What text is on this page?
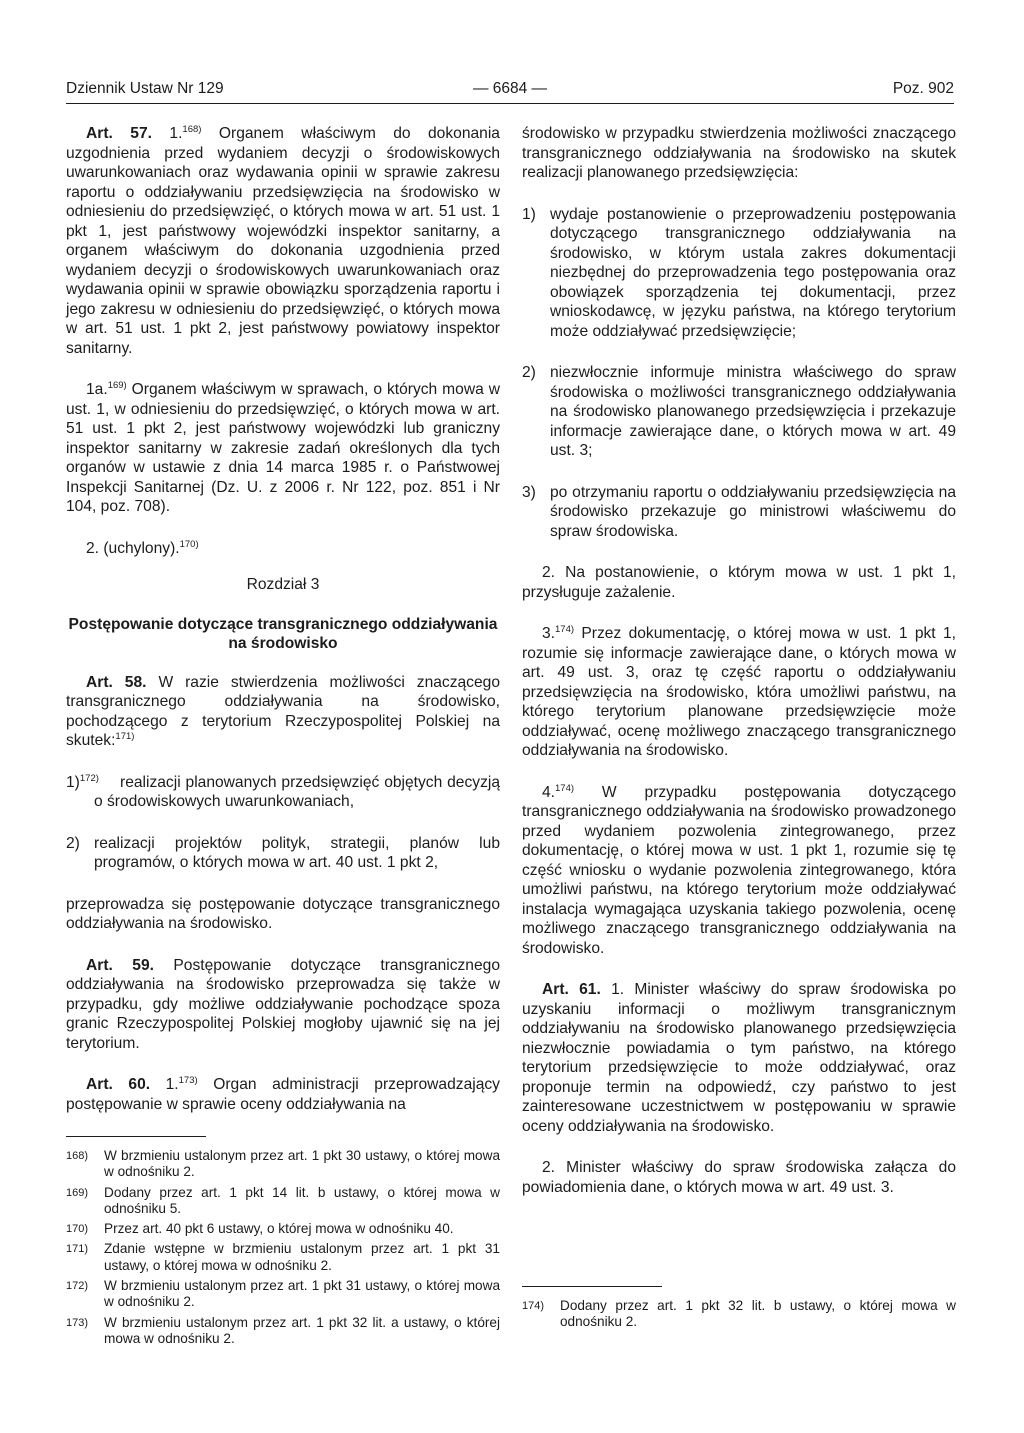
Dziennik Ustaw Nr 129	— 6684 —	Poz. 902

Art. 57. 1.$^{168)}$ Organem właściwym do dokonania uzgodnienia przed wydaniem decyzji o środowiskowych uwarunkowaniach oraz wydawania opinii w sprawie zakresu raportu o oddziaływaniu przedsięwzięcia na środowisko w odniesieniu do przedsięwzięć, o których mowa w art. 51 ust. 1 pkt 1, jest państwowy wojewódzki inspektor sanitarny, a organem właściwym do dokonania uzgodnienia przed wydaniem decyzji o środowiskowych uwarunkowaniach oraz wydawania opinii w sprawie obowiązku sporządzenia raportu i jego zakresu w odniesieniu do przedsięwzięć, o których mowa w art. 51 ust. 1 pkt 2, jest państwowy powiatowy inspektor sanitarny.

1a.$^{169)}$ Organem właściwym w sprawach, o których mowa w ust. 1, w odniesieniu do przedsięwzięć, o których mowa w art. 51 ust. 1 pkt 2, jest państwowy wojewódzki lub graniczny inspektor sanitarny w zakresie zadań określonych dla tych organów w ustawie z dnia 14 marca 1985 r. o Państwowej Inspekcji Sanitarnej (Dz. U. z 2006 r. Nr 122, poz. 851 i Nr 104, poz. 708).

2. (uchylony).$^{170)}$

Rozdział 3
Postępowanie dotyczące transgranicznego oddziaływania na środowisko

Art. 58. W razie stwierdzenia możliwości znaczącego transgranicznego oddziaływania na środowisko, pochodzącego z terytorium Rzeczypospolitej Polskiej na skutek:$^{171)}$

1)$^{172)}$	realizacji planowanych przedsięwzięć objętych decyzją o środowiskowych uwarunkowaniach,
2) realizacji projektów polityk, strategii, planów lub programów, o których mowa w art. 40 ust. 1 pkt 2,

przeprowadza się postępowanie dotyczące transgranicznego oddziaływania na środowisko.

Art. 59. Postępowanie dotyczące transgranicznego oddziaływania na środowisko przeprowadza się także w przypadku, gdy możliwe oddziaływanie pochodzące spoza granic Rzeczypospolitej Polskiej mogłoby ujawnić się na jej terytorium.

Art. 60. 1.$^{173)}$ Organ administracji przeprowadzający postępowanie w sprawie oceny oddziaływania na

168) W brzmieniu ustalonym przez art. 1 pkt 30 ustawy, o której mowa w odnośniku 2.
169) Dodany przez art. 1 pkt 14 lit. b ustawy, o której mowa w odnośniku 5.
170) Przez art. 40 pkt 6 ustawy, o której mowa w odnośniku 40.
171) Zdanie wstępne w brzmieniu ustalonym przez art. 1 pkt 31 ustawy, o której mowa w odnośniku 2.
172) W brzmieniu ustalonym przez art. 1 pkt 31 ustawy, o której mowa w odnośniku 2.
173) W brzmieniu ustalonym przez art. 1 pkt 32 lit. a ustawy, o której mowa w odnośniku 2.

środowisko w przypadku stwierdzenia możliwości znaczącego transgranicznego oddziaływania na środowisko na skutek realizacji planowanego przedsięwzięcia:

1) wydaje postanowienie o przeprowadzeniu postępowania dotyczącego transgranicznego oddziaływania na środowisko, w którym ustala zakres dokumentacji niezbędnej do przeprowadzenia tego postępowania oraz obowiązek sporządzenia tej dokumentacji, przez wnioskodawcę, w języku państwa, na którego terytorium może oddziaływać przedsięwzięcie;
2) niezwłocznie informuje ministra właściwego do spraw środowiska o możliwości transgranicznego oddziaływania na środowisko planowanego przedsięwzięcia i przekazuje informacje zawierające dane, o których mowa w art. 49 ust. 3;
3) po otrzymaniu raportu o oddziaływaniu przedsięwzięcia na środowisko przekazuje go ministrowi właściwemu do spraw środowiska.

2. Na postanowienie, o którym mowa w ust. 1 pkt 1, przysługuje zażalenie.

3.$^{174)}$ Przez dokumentację, o której mowa w ust. 1 pkt 1, rozumie się informacje zawierające dane, o których mowa w art. 49 ust. 3, oraz tę część raportu o oddziaływaniu przedsięwzięcia na środowisko, która umożliwi państwu, na którego terytorium planowane przedsięwzięcie może oddziaływać, ocenę możliwego znaczącego transgranicznego oddziaływania na środowisko.

4.$^{174)}$ W przypadku postępowania dotyczącego transgranicznego oddziaływania na środowisko prowadzonego przed wydaniem pozwolenia zintegrowanego, przez dokumentację, o której mowa w ust. 1 pkt 1, rozumie się tę część wniosku o wydanie pozwolenia zintegrowanego, która umożliwi państwu, na którego terytorium może oddziaływać instalacja wymagająca uzyskania takiego pozwolenia, ocenę możliwego znaczącego transgranicznego oddziaływania na środowisko.

Art. 61. 1. Minister właściwy do spraw środowiska po uzyskaniu informacji o możliwym transgranicznym oddziaływaniu na środowisko planowanego przedsięwzięcia niezwłocznie powiadamia o tym państwo, na którego terytorium przedsięwzięcie to może oddziaływać, oraz proponuje termin na odpowiedź, czy państwo to jest zainteresowane uczestnictwem w postępowaniu w sprawie oceny oddziaływania na środowisko.

2. Minister właściwy do spraw środowiska załącza do powiadomienia dane, o których mowa w art. 49 ust. 3.

174) Dodany przez art. 1 pkt 32 lit. b ustawy, o której mowa w odnośniku 2.
